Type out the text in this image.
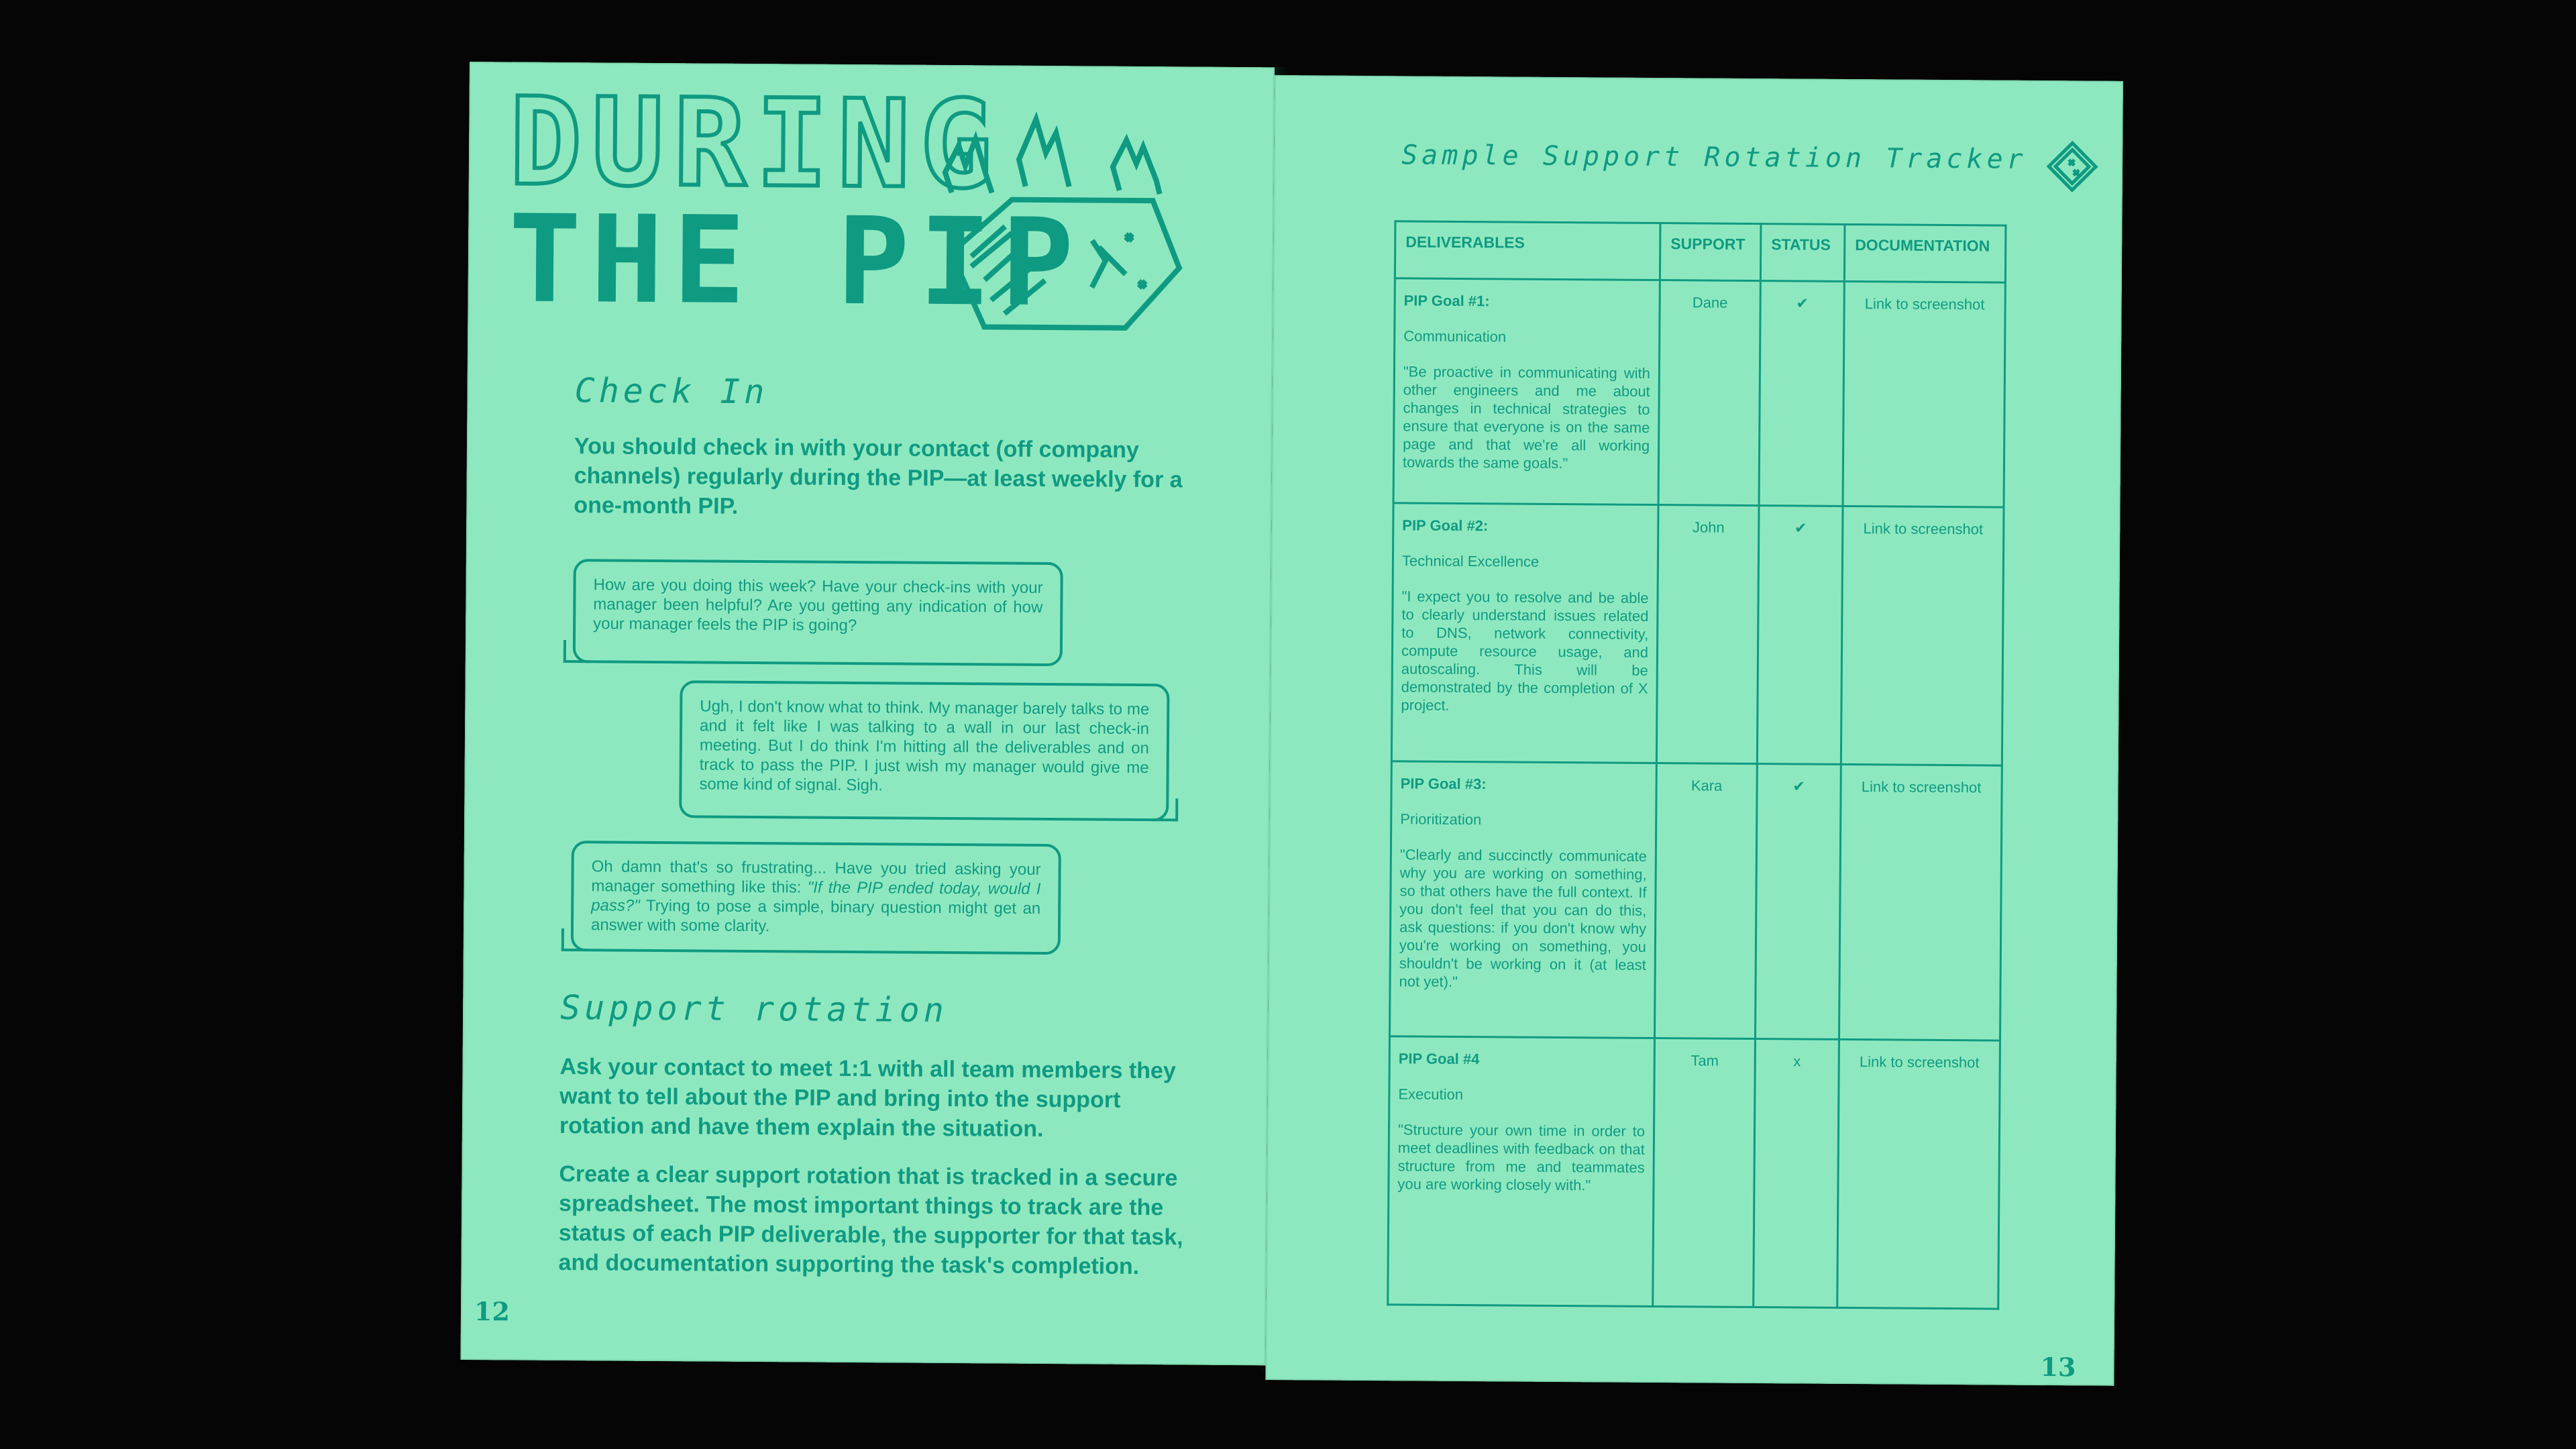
DURING
THE PIP
Check In
You should check in with your contact (off company channels) regularly during the PIP—at least weekly for a one-month PIP.
How are you doing this week? Have your check-ins with your manager been helpful? Are you getting any indication of how your manager feels the PIP is going?
Ugh, I don't know what to think. My manager barely talks to me and it felt like I was talking to a wall in our last check-in meeting. But I do think I'm hitting all the deliverables and on track to pass the PIP. I just wish my manager would give me some kind of signal. Sigh.
Oh damn that's so frustrating... Have you tried asking your manager something like this: "If the PIP ended today, would I pass?" Trying to pose a simple, binary question might get an answer with some clarity.
Support rotation
Ask your contact to meet 1:1 with all team members they want to tell about the PIP and bring into the support rotation and have them explain the situation.
Create a clear support rotation that is tracked in a secure spreadsheet. The most important things to track are the status of each PIP deliverable, the supporter for that task, and documentation supporting the task's completion.
12
Sample Support Rotation Tracker
DELIVERABLES	SUPPORT	STATUS	DOCUMENTATION

PIP Goal #1:
Communication
"Be proactive in communicating with other engineers and me about changes in technical strategies to ensure that everyone is on the same page and that we're all working towards the same goals."	Dane	✔	Link to screenshot

PIP Goal #2:
Technical Excellence
"I expect you to resolve and be able to clearly understand issues related to DNS, network connectivity, compute resource usage, and autoscaling. This will be demonstrated by the completion of X project.	John	✔	Link to screenshot

PIP Goal #3:
Prioritization
"Clearly and succinctly communicate why you are working on something, so that others have the full context. If you don't feel that you can do this, ask questions: if you don't know why you're working on something, you shouldn't be working on it (at least not yet)."	Kara	✔	Link to screenshot

PIP Goal #4
Execution
"Structure your own time in order to meet deadlines with feedback on that structure from me and teammates you are working closely with."	Tam	x	Link to screenshot
13
